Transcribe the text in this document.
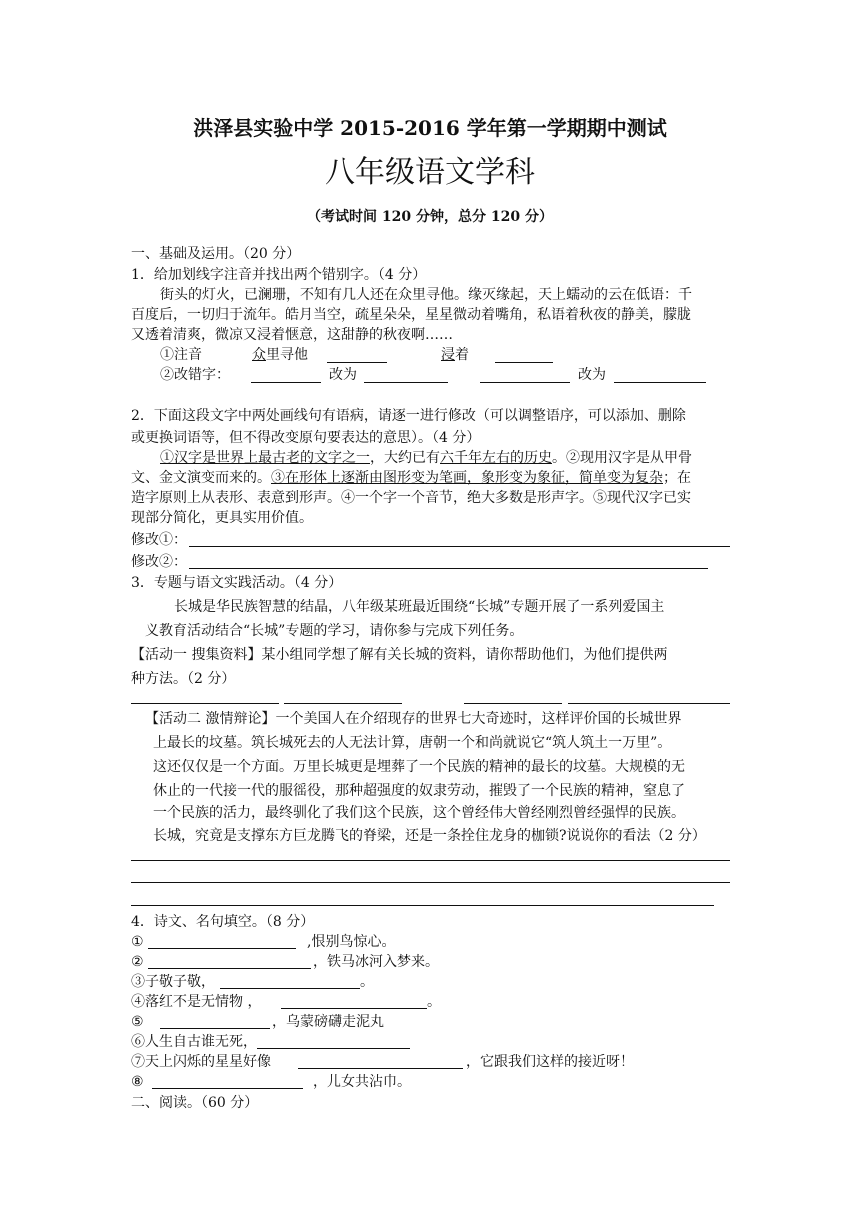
洪泽县实验中学 2015-2016 学年第一学期期中测试
八年级语文学科
（考试时间 120 分钟，总分 120 分）
一、基础及运用。（20 分）
1．给加划线字注音并找出两个错别字。（4 分）
街头的灯火，已澜珊，不知有几人还在众里寻他。缘灭缘起，天上蠕动的云在低语：千
百度后，一切归于流年。皓月当空，疏星朵朵，星星微动着嘴角，私语着秋夜的静美，朦胧
又透着清爽，微凉又浸着惬意，这甜静的秋夜啊……
①注音	众里寻他	浸着
②改错字：	改为	改为
2．下面这段文字中两处画线句有语病，请逐一进行修改（可以调整语序，可以添加、删除
或更换词语等，但不得改变原句要表达的意思）。（4 分）
①汉字是世界上最古老的文字之一，大约已有六千年左右的历史。②现用汉字是从甲骨
文、金文演变而来的。③在形体上逐渐由图形变为笔画，象形变为象征，简单变为复杂；在
造字原则上从表形、表意到形声。④一个字一个音节，绝大多数是形声字。⑤现代汉字已实
现部分简化，更具实用价值。
修改①：
修改②：
3．专题与语文实践活动。（4 分）
长城是华民族智慧的结晶，八年级某班最近围绕“长城”专题开展了一系列爱国主
义教育活动结合“长城”专题的学习，请你参与完成下列任务。
【活动一 搜集资料】某小组同学想了解有关长城的资料，请你帮助他们，为他们提供两
种方法。（2 分）
【活动二 激情辩论】一个美国人在介绍现存的世界七大奇迹时，这样评价国的长城世界
上最长的坟墓。筑长城死去的人无法计算，唐朝一个和尚就说它“筑人筑土一万里”。
这还仅仅是一个方面。万里长城更是埋葬了一个民族的精神的最长的坟墓。大规模的无
休止的一代接一代的服徭役，那种超强度的奴隶劳动，摧毁了一个民族的精神，窒息了
一个民族的活力，最终驯化了我们这个民族，这个曾经伟大曾经刚烈曾经强悍的民族。
长城，究竟是支撑东方巨龙腾飞的脊梁，还是一条拴住龙身的枷锁?说说你的看法（2 分）
4．诗文、名句填空。（8 分）
①	,恨别鸟惊心。
②	，铁马冰河入梦来。
③子敬子敬，	。
④落红不是无情物 ，	。
⑤	，乌蒙磅礴走泥丸
⑥人生自古谁无死，
⑦天上闪烁的星星好像	，它跟我们这样的接近呀！
⑧	，儿女共沾巾。
二、阅读。（60 分）
